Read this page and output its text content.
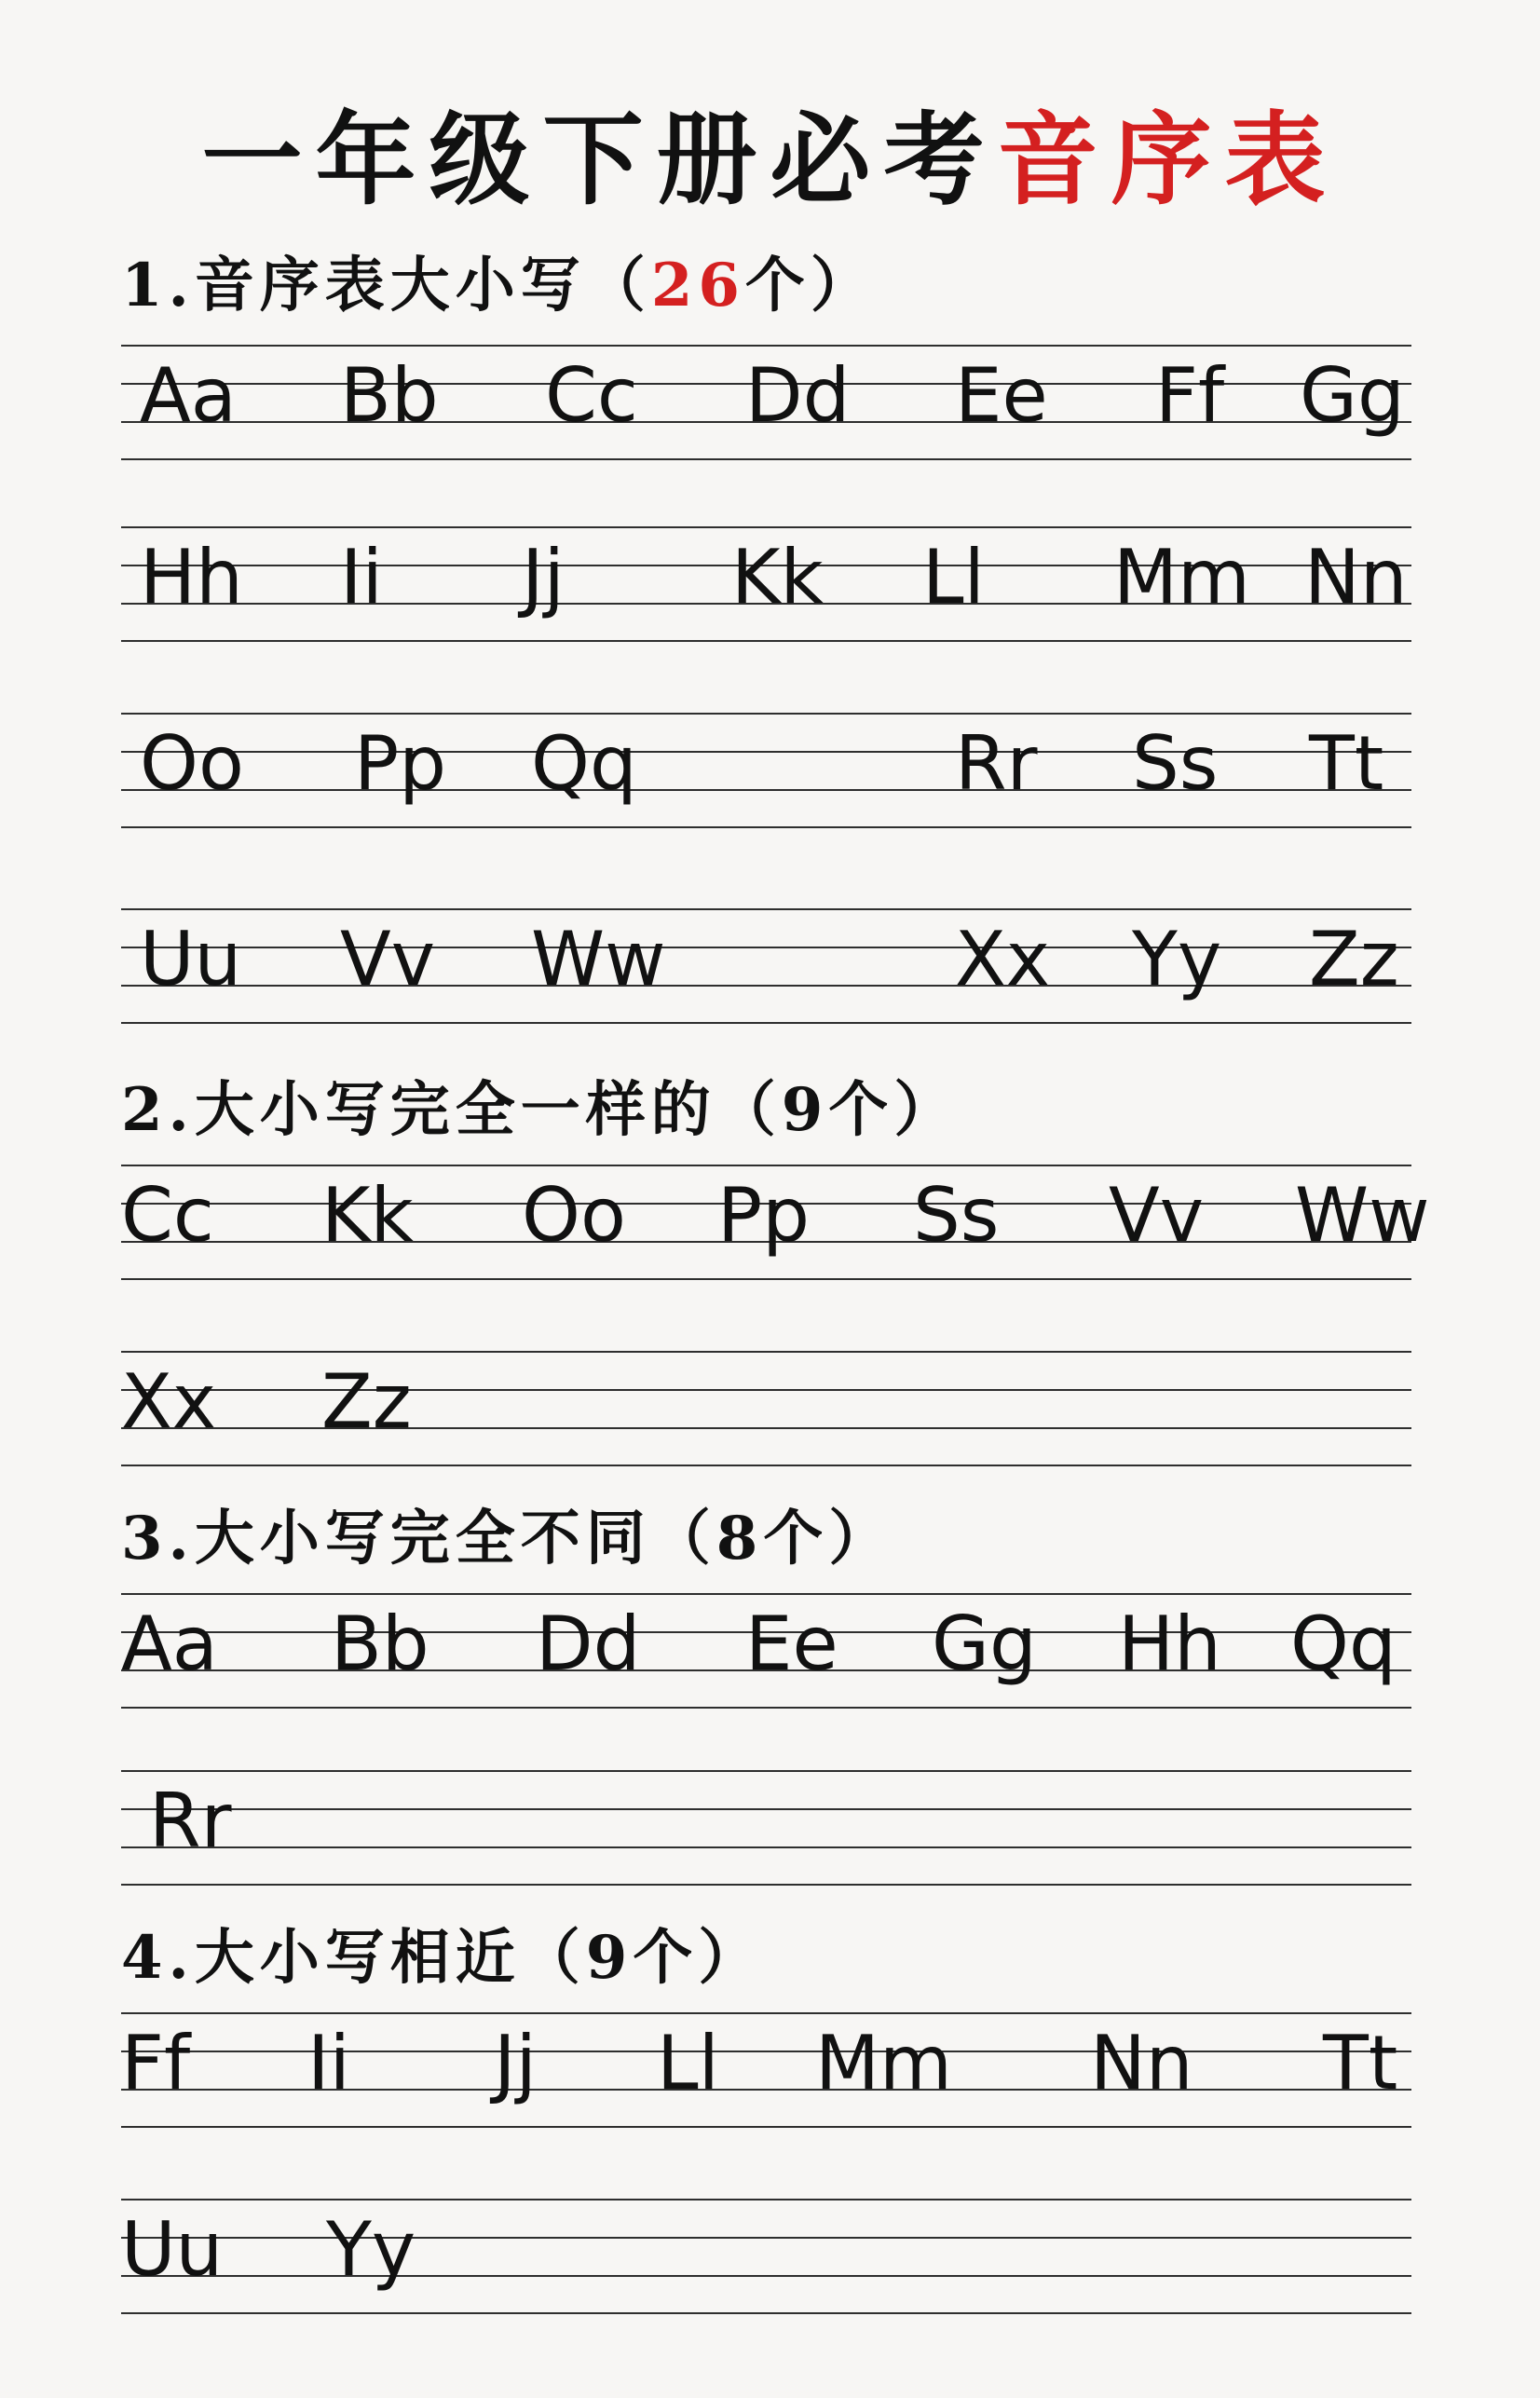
一年级下册必考音序表
1.音序表大小写（26个）
2.大小写完全一样的（9个）
3.大小写完全不同（8个）
4.大小写相近（9个）
Aa Bb Cc Dd Ee Ff Gg
Hh Ii Jj Kk Ll Mm Nn
Oo Pp Qq	Rr Ss Tt
Uu Vv Ww	Xx Yy Zz
Cc Kk Oo Pp Ss Vv Ww
Xx Zz
Aa Bb Dd Ee Gg Hh Qq
Rr
Ff Ii Jj Ll Mm Nn Tt
Uu Yy
